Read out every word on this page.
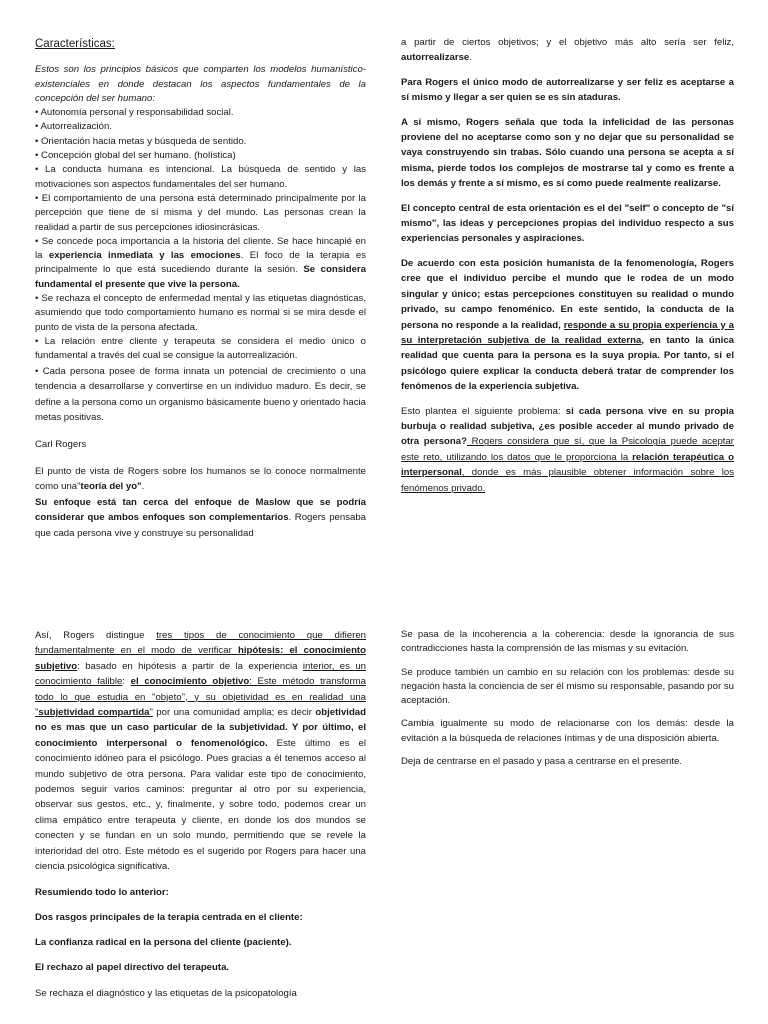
Características:

Estos son los principios básicos que comparten los modelos humanístico-existenciales en donde destacan los aspectos fundamentales de la concepción del ser humano:

• Autonomía personal y responsabilidad social.

• Autorrealización.

• Orientación hacia metas y búsqueda de sentido.

• Concepción global del ser humano. (holística)

• La conducta humana es intencional. La búsqueda de sentido y las motivaciones son aspectos fundamentales del ser humano.

• El comportamiento de una persona está determinado principalmente por la percepción que tiene de sí misma y del mundo. Las personas crean la realidad a partir de sus percepciones idiosincrásicas.

• Se concede poca importancia a la historia del cliente. Se hace hincapié en la experiencia inmediata y las emociones. El foco de la terapia es principalmente lo que está sucediendo durante la sesión. Se considera fundamental el presente que vive la persona.

• Se rechaza el concepto de enfermedad mental y las etiquetas diagnósticas, asumiendo que todo comportamiento humano es normal si se mira desde el punto de vista de la persona afectada.

• La relación entre cliente y terapeuta se considera el medio único o fundamental a través del cual se consigue la autorrealización.

• Cada persona posee de forma innata un potencial de crecimiento o una tendencia a desarrollarse y convertirse en un individuo maduro. Es decir, se define a la persona como un organismo básicamente bueno y orientado hacia metas positivas.

Carl Rogers

El punto de vista de Rogers sobre los humanos se lo conoce normalmente como una"teoría del yo".

Su enfoque está tan cerca del enfoque de Maslow que se podría considerar que ambos enfoques son complementarios. Rogers pensaba que cada persona vive y construye su personalidad

a partir de ciertos objetivos; y el objetivo más alto sería ser feliz, autorrealizarse.

Para Rogers el único modo de autorrealizarse y ser feliz es aceptarse a sí mismo y llegar a ser quien se es sin ataduras.

A sí mismo, Rogers señala que toda la infelicidad de las personas proviene del no aceptarse como son y no dejar que su personalidad se vaya construyendo sin trabas. Sólo cuando una persona se acepta a sí misma, pierde todos los complejos de mostrarse tal y como es frente a los demás y frente a sí mismo, es sí como puede realmente realizarse.

El concepto central de esta orientación es el del "self" o concepto de "sí mismo", las ideas y percepciones propias del individuo respecto a sus experiencias personales y aspiraciones.

De acuerdo con esta posición humanista de la fenomenología, Rogers cree que el individuo percibe el mundo que le rodea de un modo singular y único; estas percepciones constituyen su realidad o mundo privado, su campo fenoménico. En este sentido, la conducta de la persona no responde a la realidad, responde a su propia experiencia y a su interpretación subjetiva de la realidad externa, en tanto la única realidad que cuenta para la persona es la suya propia. Por tanto, si el psicólogo quiere explicar la conducta deberá tratar de comprender los fenómenos de la experiencia subjetiva.

Esto plantea el siguiente problema: si cada persona vive en su propia burbuja o realidad subjetiva, ¿es posible acceder al mundo privado de otra persona? Rogers considera que sí, que la Psicología puede aceptar este reto, utilizando los datos que le proporciona la relación terapéutica o interpersonal, donde es más plausible obtener información sobre los fenómenos privado.

Así, Rogers distingue tres tipos de conocimiento que difieren fundamentalmente en el modo de verificar hipótesis: el conocimiento subjetivo: basado en hipótesis a partir de la experiencia interior, es un conocimiento falible: el conocimiento objetivo: Este método transforma todo lo que estudia en "objeto", y su objetividad es en realidad una "subjetividad compartida" por una comunidad amplia; es decir objetividad no es mas que un caso particular de la subjetividad. Y por último, el conocimiento interpersonal o fenomenológico. Este último es el conocimiento idóneo para el psicólogo. Pues gracias a él tenemos acceso al mundo subjetivo de otra persona. Para validar este tipo de conocimiento, podemos seguir varios caminos: preguntar al otro por su experiencia, observar sus gestos, etc., y, finalmente, y sobre todo, podemos crear un clima empático entre terapeuta y cliente, en donde los dos mundos se conecten y se fundan en un solo mundo, permitiendo que se revele la interioridad del otro. Este método es el sugerido por Rogers para hacer una ciencia psicológica significativa.

Resumiendo todo lo anterior:

Dos rasgos principales de la terapia centrada en el cliente:

La confianza radical en la persona del cliente (paciente).

El rechazo al papel directivo del terapeuta.

Se rechaza el diagnóstico y las etiquetas de la psicopatología

Se pasa de la incoherencia a la coherencia: desde la ignorancia de sus contradicciones hasta la comprensión de las mismas y su evitación.

Se produce también un cambio en su relación con los problemas: desde su negación hasta la conciencia de ser él mismo su responsable, pasando por su aceptación.

Cambia igualmente su modo de relacionarse con los demás: desde la evitación a la búsqueda de relaciones íntimas y de una disposición abierta.

Deja de centrarse en el pasado y pasa a centrarse en el presente.
